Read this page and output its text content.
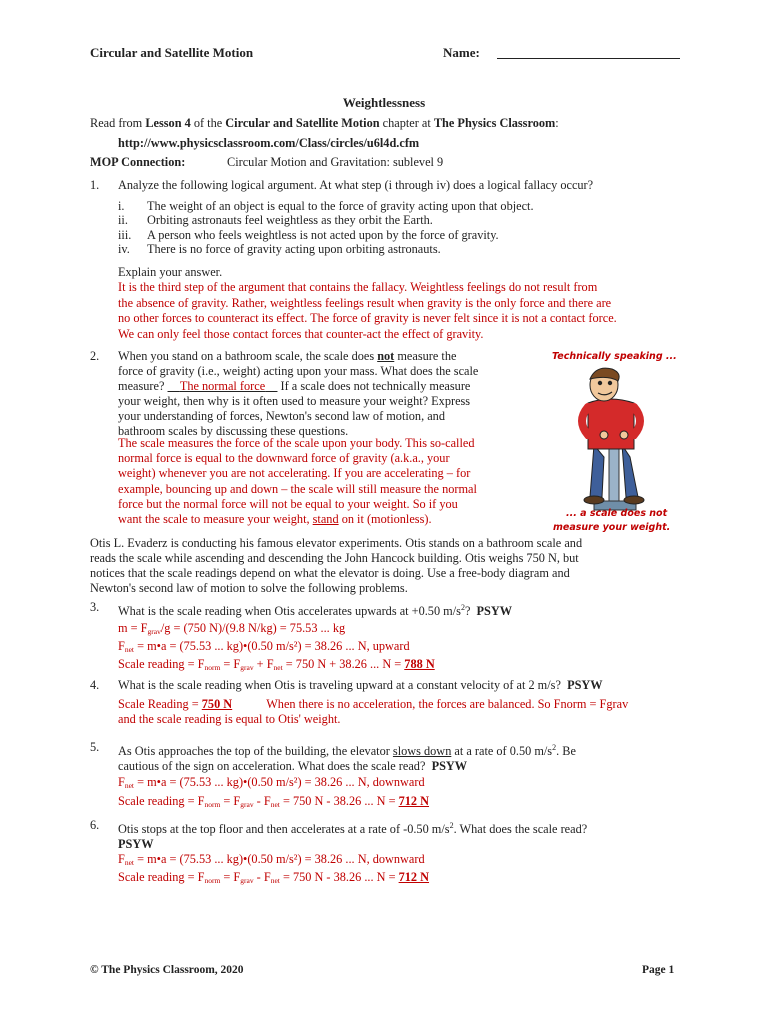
Circular and Satellite Motion	Name:
Weightlessness
Read from Lesson 4 of the Circular and Satellite Motion chapter at The Physics Classroom:
http://www.physicsclassroom.com/Class/circles/u6l4d.cfm
MOP Connection:	Circular Motion and Gravitation: sublevel 9
1. Analyze the following logical argument. At what step (i through iv) does a logical fallacy occur?
i. The weight of an object is equal to the force of gravity acting upon that object.
ii. Orbiting astronauts feel weightless as they orbit the Earth.
iii. A person who feels weightless is not acted upon by the force of gravity.
iv. There is no force of gravity acting upon orbiting astronauts.
Explain your answer.
It is the third step of the argument that contains the fallacy. Weightless feelings do not result from
the absence of gravity. Rather, weightless feelings result when gravity is the only force and there are
no other forces to counteract its effect. The force of gravity is never felt since it is not a contact force.
We can only feel those contact forces that counter-act the effect of gravity.
2. When you stand on a bathroom scale, the scale does not measure the
force of gravity (i.e., weight) acting upon your mass. What does the scale
measure? The normal force If a scale does not technically measure
your weight, then why is it often used to measure your weight? Express
your understanding of forces, Newton's second law of motion, and
bathroom scales by discussing these questions.
The scale measures the force of the scale upon your body. This so-called
normal force is equal to the downward force of gravity (a.k.a., your
weight) whenever you are not accelerating. If you are accelerating – for
example, bouncing up and down – the scale will still measure the normal
force but the normal force will not be equal to your weight. So if you
want the scale to measure your weight, stand on it (motionless).
Technically speaking ...
... a scale does not
measure your weight.
Otis L. Evaderz is conducting his famous elevator experiments. Otis stands on a bathroom scale and
reads the scale while ascending and descending the John Hancock building. Otis weighs 750 N, but
notices that the scale readings depend on what the elevator is doing. Use a free-body diagram and
Newton's second law of motion to solve the following problems.
3. What is the scale reading when Otis accelerates upwards at +0.50 $m/s^2$?  PSYW
$m = F_{grav}/g = (750$ N)/(9.8 N/kg) = 75.53 ... kg
$F_{net}$ = m•a = (75.53 ... kg)•(0.50 m/s²) = 38.26 ... N, upward
Scale reading = $F_{norm} = F_{grav} + F_{net} = 750$ N + 38.26 ... N = 788 N
4. What is the scale reading when Otis is traveling upward at a constant velocity of at 2 m/s? PSYW
Scale Reading = 750 N	When there is no acceleration, the forces are balanced. So Fnorm = Fgrav
and the scale reading is equal to Otis' weight.
5. As Otis approaches the top of the building, the elevator slows down at a rate of 0.50 $m/s^2$. Be
cautious of the sign on acceleration. What does the scale read? PSYW
$F_{net}$ = m•a = (75.53 ... kg)•(0.50 m/s²) = 38.26 ... N, downward
Scale reading = $F_{norm} = F_{grav} - F_{net} = 750$ N - 38.26 ... N = 712 N
6. Otis stops at the top floor and then accelerates at a rate of -0.50 $m/s^2$. What does the scale read?
PSYW
$F_{net}$ = m•a = (75.53 ... kg)•(0.50 m/s²) = 38.26 ... N, downward
Scale reading = $F_{norm} = F_{grav} - F_{net} = 750$ N - 38.26 ... N = 712 N
© The Physics Classroom, 2020	Page 1
